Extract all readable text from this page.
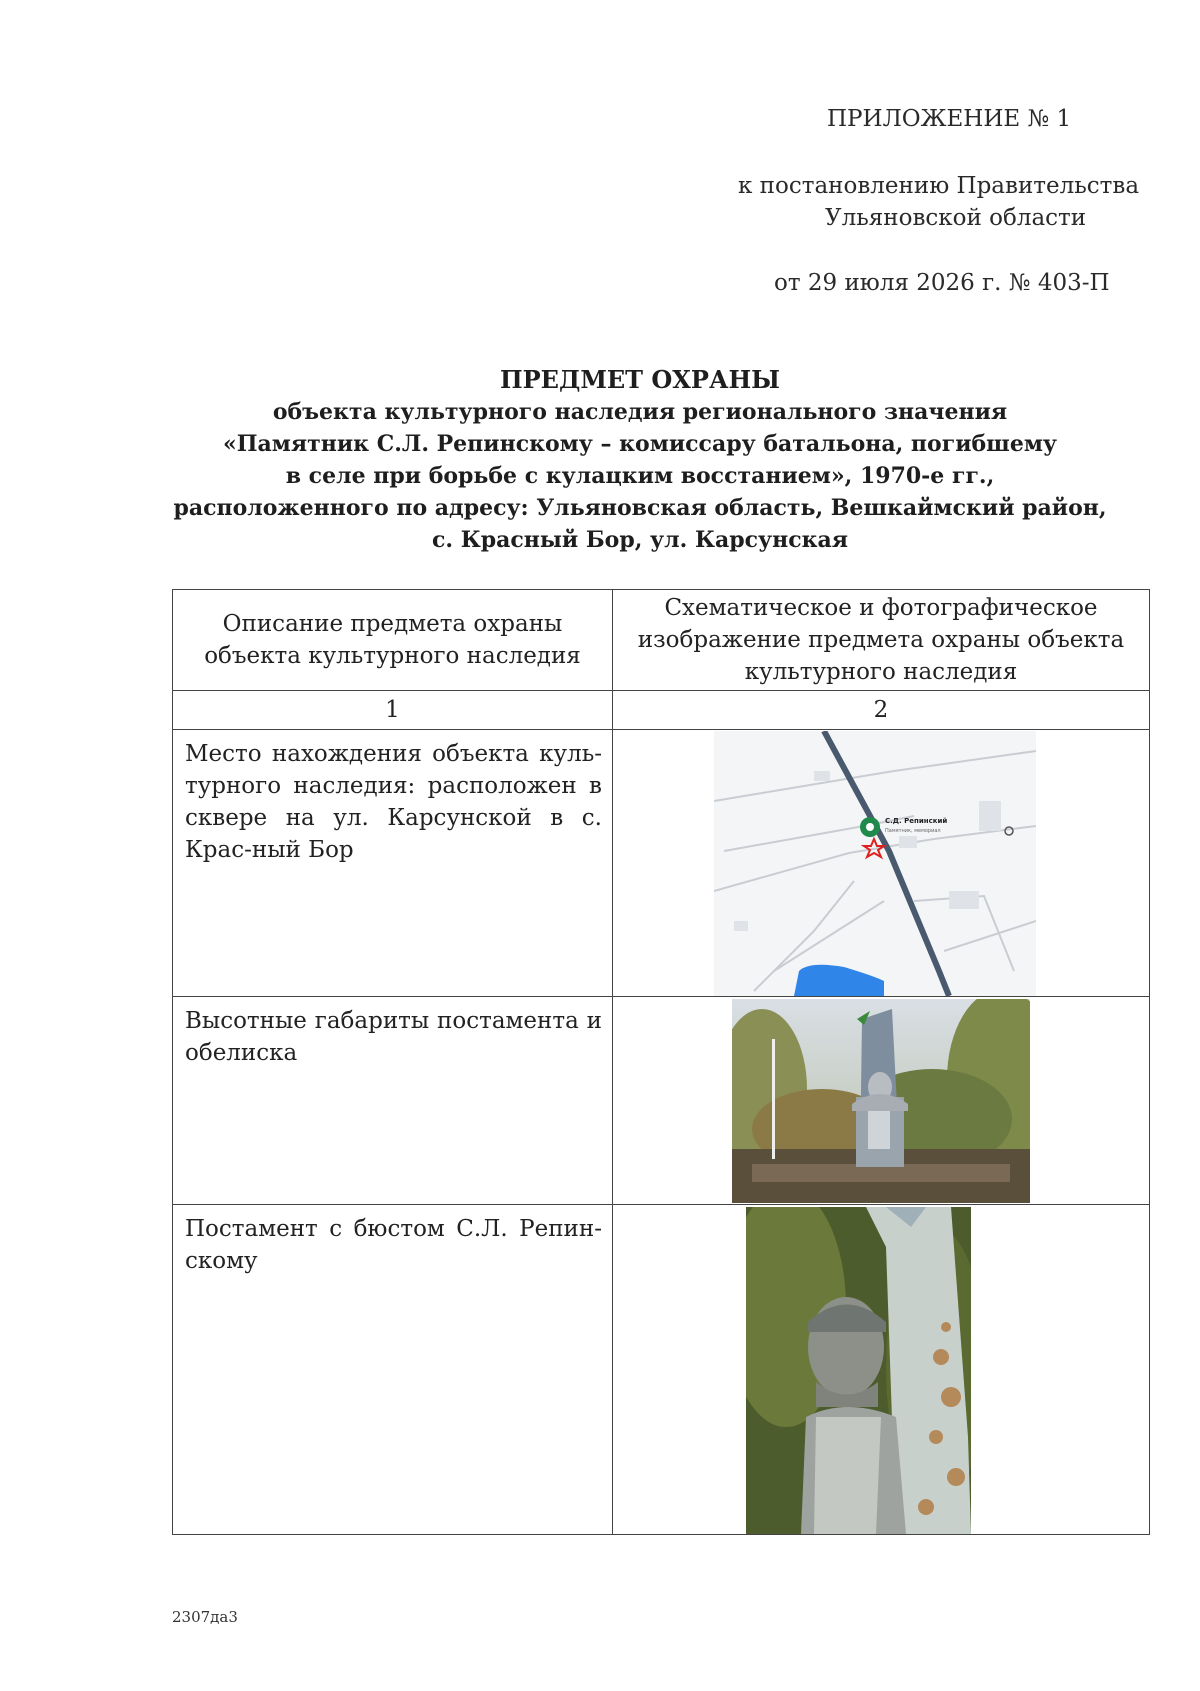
ПРИЛОЖЕНИЕ № 1
к постановлению Правительства
Ульяновской области
от 29 июля 2026 г. № 403-П
ПРЕДМЕТ ОХРАНЫ
объекта культурного наследия регионального значения
«Памятник С.Л. Репинскому – комиссару батальона, погибшему
в селе при борьбе с кулацким восстанием», 1970-е гг.,
расположенного по адресу: Ульяновская область, Вешкаймский район,
с. Красный Бор, ул. Карсунская
Описание предмета охраны объекта культурного наследия	Схематическое и фотографическое изображение предмета охраны объекта культурного наследия

1	2
Место нахождения объекта куль-турного наследия: расположен в сквере на ул. Карсунской в с. Крас-ный Бор	С.Д. Репинский
Памятник, мемориал

Высотные габариты постамента и обелиска	

Постамент с бюстом С.Л. Репин-скому	
2307да3
